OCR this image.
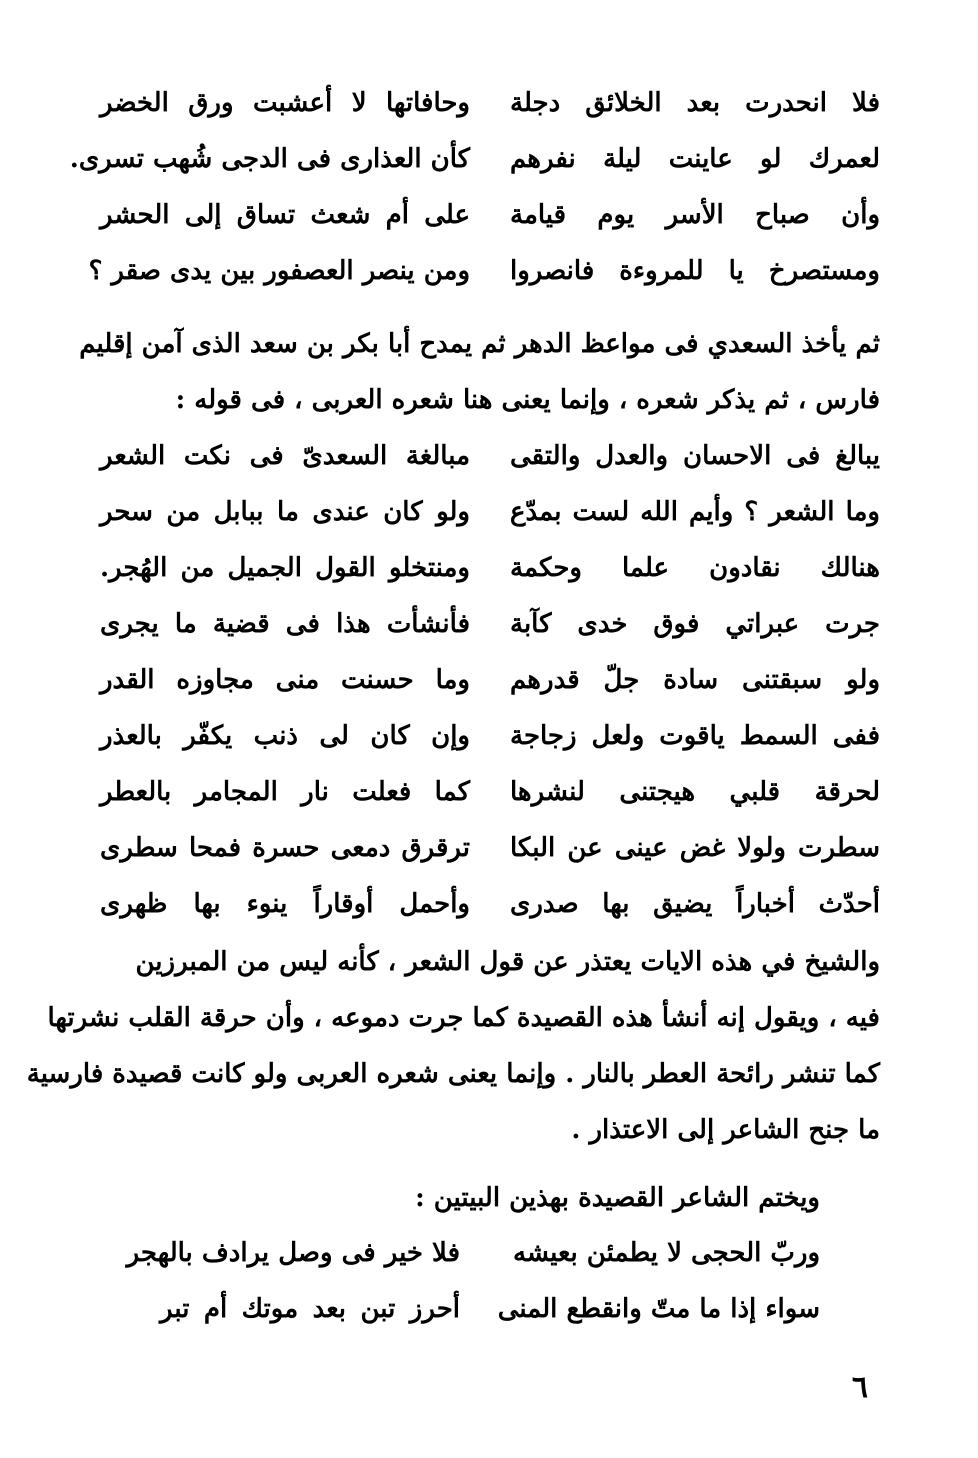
فلا انحدرت بعد الخلائق دجلة
وحافاتها لا أعشبت ورق الخضر
لعمرك لو عاينت ليلة نفرهم
كأن العذارى فى الدجى شُهب تسرى.
وأن صباح الأسر يوم قيامة
على أم شعث تساق إلى الحشر
ومستصرخ يا للمروءة فانصروا
ومن ينصر العصفور بين يدى صقر ؟
ثم يأخذ السعدي فى مواعظ الدهر ثم يمدح أبا بكر بن سعد الذى آمن إقليم
فارس ، ثم يذكر شعره ، وإنما يعنى هنا شعره العربى ، فى قوله :
يبالغ فى الاحسان والعدل والتقى
مبالغة السعدىّ فى نكت الشعر
وما الشعر ؟ وأيم الله لست بمدّع
ولو كان عندى ما ببابل من سحر
هنالك نقادون علما وحكمة
ومنتخلو القول الجميل من الهُجر.
جرت عبراتي فوق خدى كآبة
فأنشأت هذا فى قضية ما يجرى
ولو سبقتنى سادة جلّ قدرهم
وما حسنت منى مجاوزه القدر
ففى السمط ياقوت ولعل زجاجة
وإن كان لى ذنب يكفّر بالعذر
لحرقة قلبي هيجتنى لنشرها
كما فعلت نار المجامر بالعطر
سطرت ولولا غض عينى عن البكا
ترقرق دمعى حسرة فمحا سطرى
أحدّث أخباراً يضيق بها صدرى
وأحمل أوقاراً ينوء بها ظهرى
والشيخ في هذه الايات يعتذر عن قول الشعر ، كأنه ليس من المبرزين
فيه ، ويقول إنه أنشأ هذه القصيدة كما جرت دموعه ، وأن حرقة القلب نشرتها
كما تنشر رائحة العطر بالنار . وإنما يعنى شعره العربى ولو كانت قصيدة فارسية
ما جنح الشاعر إلى الاعتذار .
ويختم الشاعر القصيدة بهذين البيتين :
وربّ الحجى لا يطمئن بعيشه
فلا خير فى وصل يرادف بالهجر
سواء إذا ما متّ وانقطع المنى
أحرز تبن بعد موتك أم تبر
٦
